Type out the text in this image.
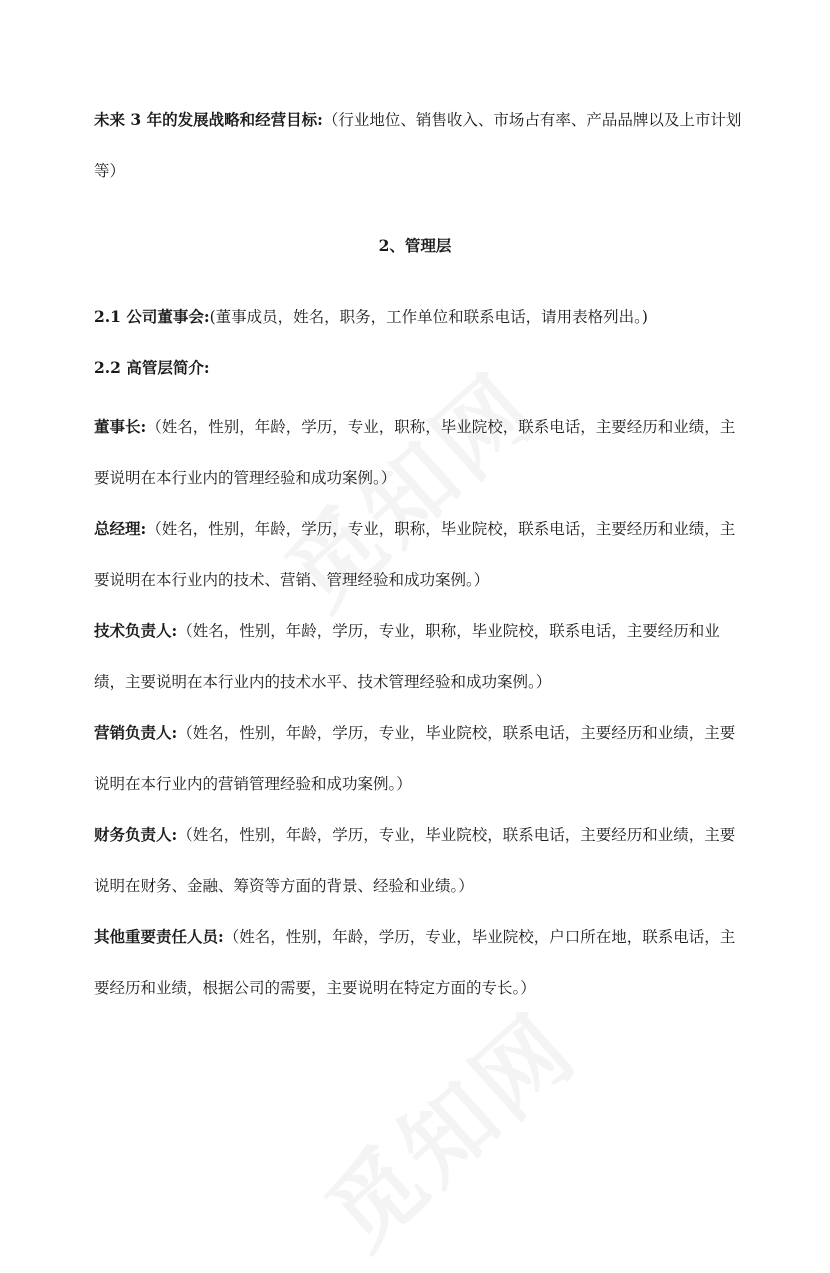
未来 3 年的发展战略和经营目标:（行业地位、销售收入、市场占有率、产品品牌以及上市计划等）

2、管理层

2.1 公司董事会:(董事成员，姓名，职务，工作单位和联系电话，请用表格列出。)

2.2 高管层简介:

董事长:（姓名，性别，年龄，学历，专业，职称，毕业院校，联系电话，主要经历和业绩，主要说明在本行业内的管理经验和成功案例。）

总经理:（姓名，性别，年龄，学历，专业，职称，毕业院校，联系电话，主要经历和业绩，主要说明在本行业内的技术、营销、管理经验和成功案例。）

技术负责人:（姓名，性别，年龄，学历，专业，职称，毕业院校，联系电话，主要经历和业绩，主要说明在本行业内的技术水平、技术管理经验和成功案例。）

营销负责人:（姓名，性别，年龄，学历，专业，毕业院校，联系电话，主要经历和业绩，主要说明在本行业内的营销管理经验和成功案例。）

财务负责人:（姓名，性别，年龄，学历，专业，毕业院校，联系电话，主要经历和业绩，主要说明在财务、金融、筹资等方面的背景、经验和业绩。）

其他重要责任人员:（姓名，性别，年龄，学历，专业，毕业院校，户口所在地，联系电话，主要经历和业绩，根据公司的需要，主要说明在特定方面的专长。）
